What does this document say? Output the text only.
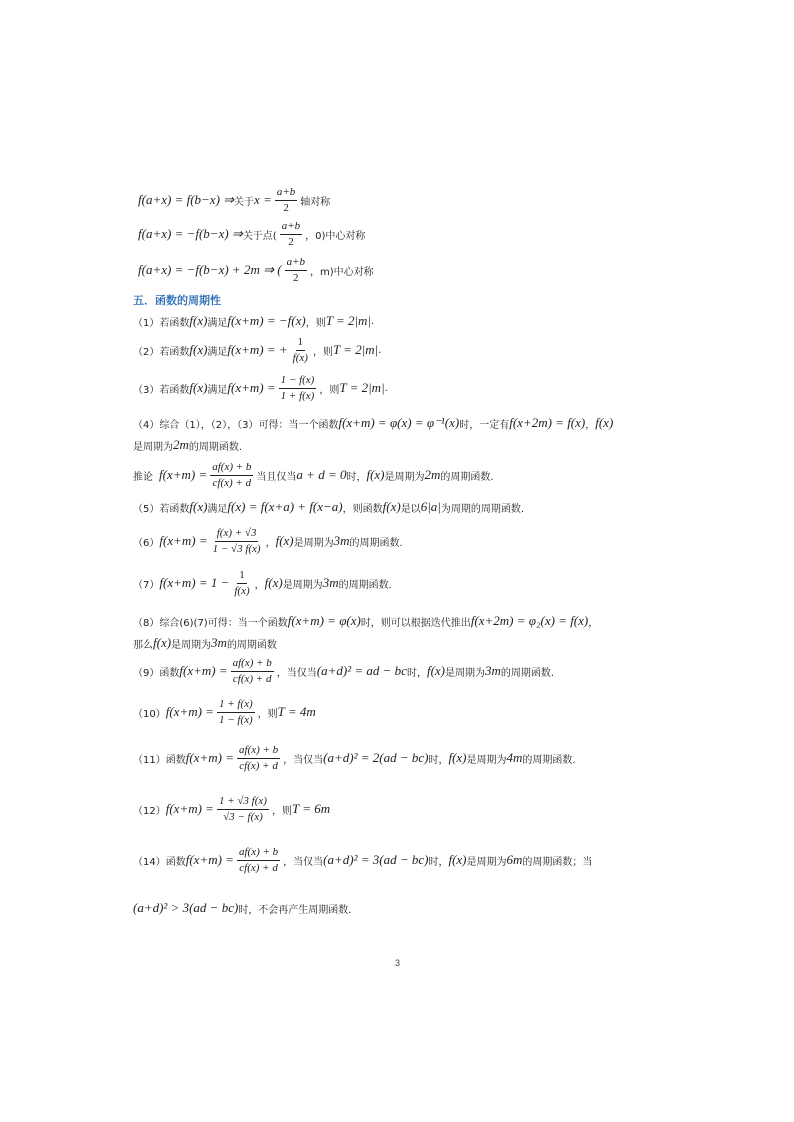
f(a+x) = f(b−x) ⇒ 关于 $x = \frac{a+b}{2}$ 轴对称
f(a+x) = −f(b−x) ⇒ 关于点( $\frac{a+b}{2}$ ，0)中心对称
f(a+x) = −f(b−x) + 2m ⇒ ( $\frac{a+b}{2}$ ，m)中心对称
五．函数的周期性
（1） 若函数 f(x) 满足 f(x+m) = −f(x) ，则 T = 2|m| .
（2） 若函数 f(x) 满足 f(x+m) = + $\frac{1}{f(x)}$ ，则 T = 2|m| .
（3） 若函数 f(x) 满足 $f(x+m) = \frac{1 - f(x)}{1 + f(x)}$ ，则 T = 2|m| .
（4） 综合（1），（2），（3）可得：当一个函数 f(x+m) = φ(x) = φ⁻¹(x) 时，一定有 f(x+2m) = f(x) ， f(x)
是周期为 2m 的周期函数.
推论 $f(x+m) = \frac{af(x) + b}{cf(x) + d}$ 当且仅当 a + d = 0 时， f(x) 是周期为 2m 的周期函数.
（5） 若函数 f(x) 满足 f(x) = f(x+a) + f(x−a) ，则函数 f(x) 是以 6|a| 为周期的周期函数.
（6） $f(x+m) = \frac{f(x) + √3}{1 - √3 f(x)}$ ， f(x) 是周期为 3m 的周期函数.
（7） $f(x+m) = 1 - \frac{1}{f(x)}$ ， f(x) 是周期为 3m 的周期函数.
（8） 综合(6)(7)可得：当一个函数 f(x+m) = φ(x) 时，则可以根据迭代推出 f(x+2m) = φ₂(x) = f(x) ，
那么 f(x) 是周期为 3m 的周期函数
（9） 函数 $f(x+m) = \frac{af(x) + b}{cf(x) + d}$ ，当仅当 (a+d)² = ad − bc 时， f(x) 是周期为 3m 的周期函数.
（10） $f(x+m) = \frac{1 + f(x)}{1 - f(x)}$ ，则 T = 4m
（11） 函数 $f(x+m) = \frac{af(x) + b}{cf(x) + d}$ ，当仅当 (a+d)² = 2(ad − bc) 时， f(x) 是周期为 4m 的周期函数.
（12） $f(x+m) = \frac{1 + √3 f(x)}{√3 - f(x)}$ ，则 T = 6m
（14） 函数 $f(x+m) = \frac{af(x) + b}{cf(x) + d}$ ，当仅当 (a+d)² = 3(ad − bc) 时， f(x) 是周期为 6m 的周期函数；当
(a+d)² > 3(ad − bc) 时，不会再产生周期函数.
3
